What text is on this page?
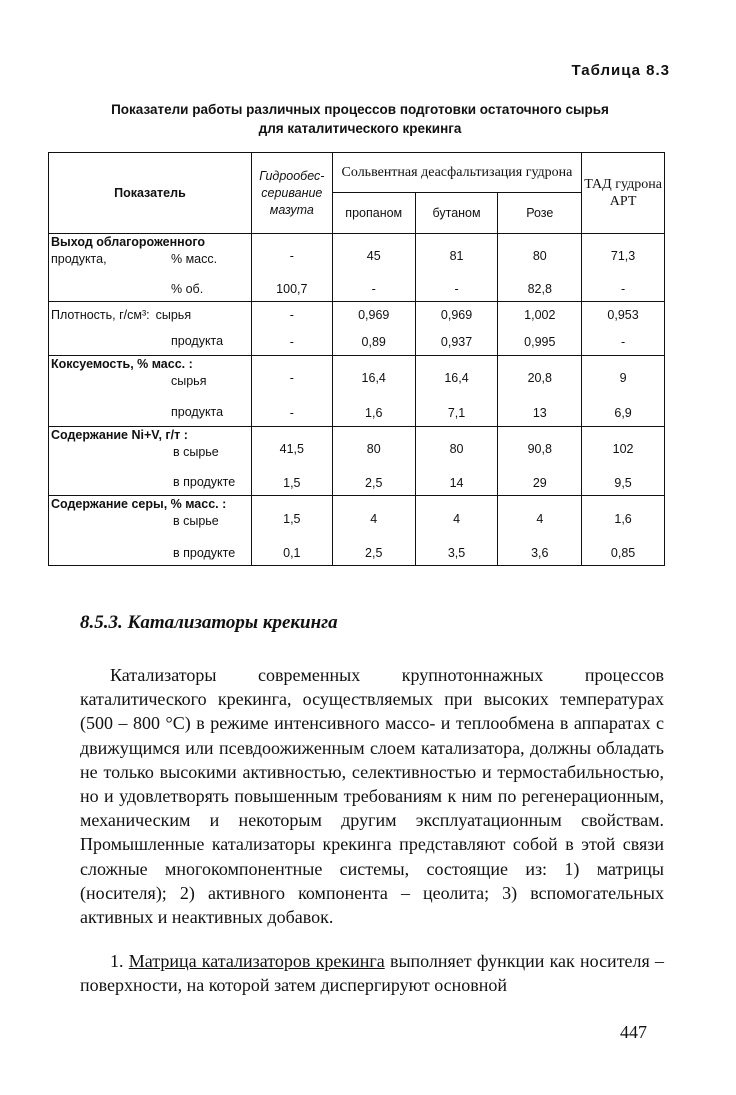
Таблица 8.3
Показатели работы различных процессов подготовки остаточного сырья
для каталитического крекинга
Показатель	Гидрообес-серивание мазута	Сольвентная деасфальтизация гудрона			ТАД гудрона АРТ
		пропаном	бутаном	Розе	

Выход облагороженного
продукта, % масс.	-	45	81	80	71,3

% об.	100,7	-	-	82,8	-
Плотность, г/см³: сырья	-	0,969	0,969	1,002	0,953

продукта	-	0,89	0,937	0,995	-

Коксуемость, % масс. :
сырья	-	16,4	16,4	20,8	9

продукта	-	1,6	7,1	13	6,9

Содержание Ni+V, г/т :
в сырье	41,5	80	80	90,8	102

в продукте	1,5	2,5	14	29	9,5

Содержание серы, % масс. :
в сырье	1,5	4	4	4	1,6

в продукте	0,1	2,5	3,5	3,6	0,85
8.5.3. Катализаторы крекинга
Катализаторы современных крупнотоннажных процессов каталитического крекинга, осуществляемых при высоких температурах (500 – 800 °С) в режиме интенсивного массо- и теплообмена в аппаратах с движущимся или псевдоожиженным слоем катализатора, должны обладать не только высокими активностью, селективностью и термостабильностью, но и удовлетворять повышенным требованиям к ним по регенерационным, механическим и некоторым другим эксплуатационным свойствам. Промышленные катализаторы крекинга представляют собой в этой связи сложные многокомпонентные системы, состоящие из: 1) матрицы (носителя); 2) активного компонента – цеолита; 3) вспомогательных активных и неактивных добавок.
1. Матрица катализаторов крекинга выполняет функции как носителя – поверхности, на которой затем диспергируют основной
447
